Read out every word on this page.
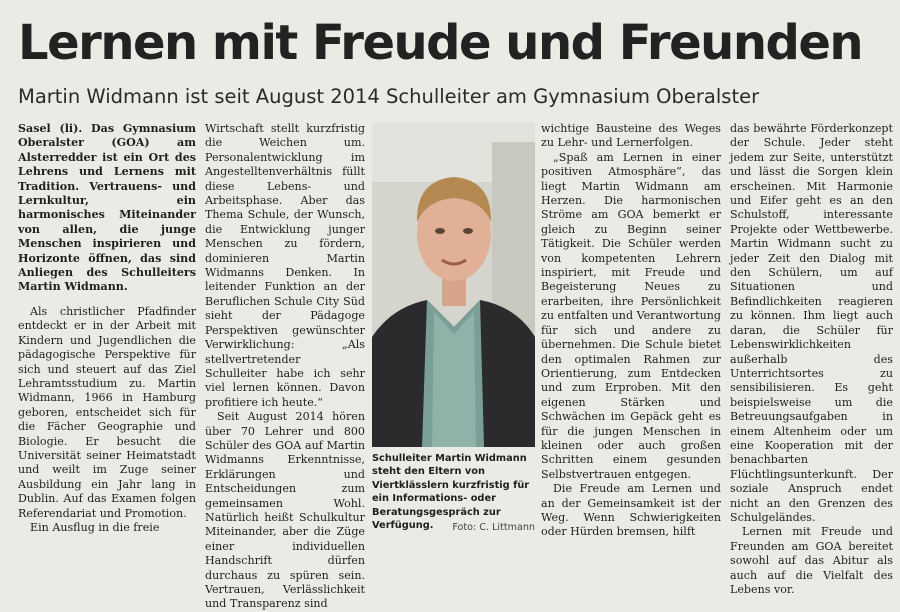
Lernen mit Freude und Freunden
Martin Widmann ist seit August 2014 Schulleiter am Gymnasium Oberalster

Sasel (li). Das Gymnasium Oberalster (GOA) am Alsterredder ist ein Ort des Lehrens und Lernens mit Tradition. Vertrauens- und Lernkultur, ein harmonisches Miteinander von allen, die junge Menschen inspirieren und Horizonte öffnen, das sind Anliegen des Schulleiters Martin Widmann.

Als christlicher Pfadfinder entdeckt er in der Arbeit mit Kindern und Jugendlichen die pädagogische Perspektive für sich und steuert auf das Ziel Lehramtsstudium zu. Martin Widmann, 1966 in Hamburg geboren, entscheidet sich für die Fächer Geographie und Biologie. Er besucht die Universität seiner Heimatstadt und weilt im Zuge seiner Ausbildung ein Jahr lang in Dublin. Auf das Examen folgen Referendariat und Promotion.

Ein Ausflug in die freie

Wirtschaft stellt kurzfristig die Weichen um. Personalentwicklung im Angestelltenverhältnis füllt diese Lebens- und Arbeitsphase. Aber das Thema Schule, der Wunsch, die Entwicklung junger Menschen zu fördern, dominieren Martin Widmanns Denken. In leitender Funktion an der Beruflichen Schule City Süd sieht der Pädagoge Perspektiven gewünschter Verwirklichung: „Als stellvertretender Schulleiter habe ich sehr viel lernen können. Davon profitiere ich heute.“

Seit August 2014 hören über 70 Lehrer und 800 Schüler des GOA auf Martin Widmanns Erkenntnisse, Erklärungen und Entscheidungen zum gemeinsamen Wohl. Natürlich heißt Schulkultur Miteinander, aber die Züge einer individuellen Handschrift dürfen durchaus zu spüren sein. Vertrauen, Verlässlichkeit und Transparenz sind

Schulleiter Martin Widmann steht den Eltern von Viertklässlern kurzfristig für ein Informations- oder Beratungsgespräch zur Verfügung.	Foto: C. Littmann

wichtige Bausteine des Weges zu Lehr- und Lernerfolgen.

„Spaß am Lernen in einer positiven Atmosphäre“, das liegt Martin Widmann am Herzen. Die harmonischen Ströme am GOA bemerkt er gleich zu Beginn seiner Tätigkeit. Die Schüler werden von kompetenten Lehrern inspiriert, mit Freude und Begeisterung Neues zu erarbeiten, ihre Persönlichkeit zu entfalten und Verantwortung für sich und andere zu übernehmen. Die Schule bietet den optimalen Rahmen zur Orientierung, zum Entdecken und zum Erproben. Mit den eigenen Stärken und Schwächen im Gepäck geht es für die jungen Menschen in kleinen oder auch großen Schritten einem gesunden Selbstvertrauen entgegen.

Die Freude am Lernen und an der Gemeinsamkeit ist der Weg. Wenn Schwierigkeiten oder Hürden bremsen, hilft

das bewährte Förderkonzept der Schule. Jeder steht jedem zur Seite, unterstützt und lässt die Sorgen klein erscheinen. Mit Harmonie und Eifer geht es an den Schulstoff, interessante Projekte oder Wettbewerbe. Martin Widmann sucht zu jeder Zeit den Dialog mit den Schülern, um auf Situationen und Befindlichkeiten reagieren zu können. Ihm liegt auch daran, die Schüler für Lebenswirklichkeiten außerhalb des Unterrichtsortes zu sensibilisieren. Es geht beispielsweise um die Betreuungsaufgaben in einem Altenheim oder um eine Kooperation mit der benachbarten Flüchtlingsunterkunft. Der soziale Anspruch endet nicht an den Grenzen des Schulgeländes.

Lernen mit Freude und Freunden am GOA bereitet sowohl auf das Abitur als auch auf die Vielfalt des Lebens vor.
